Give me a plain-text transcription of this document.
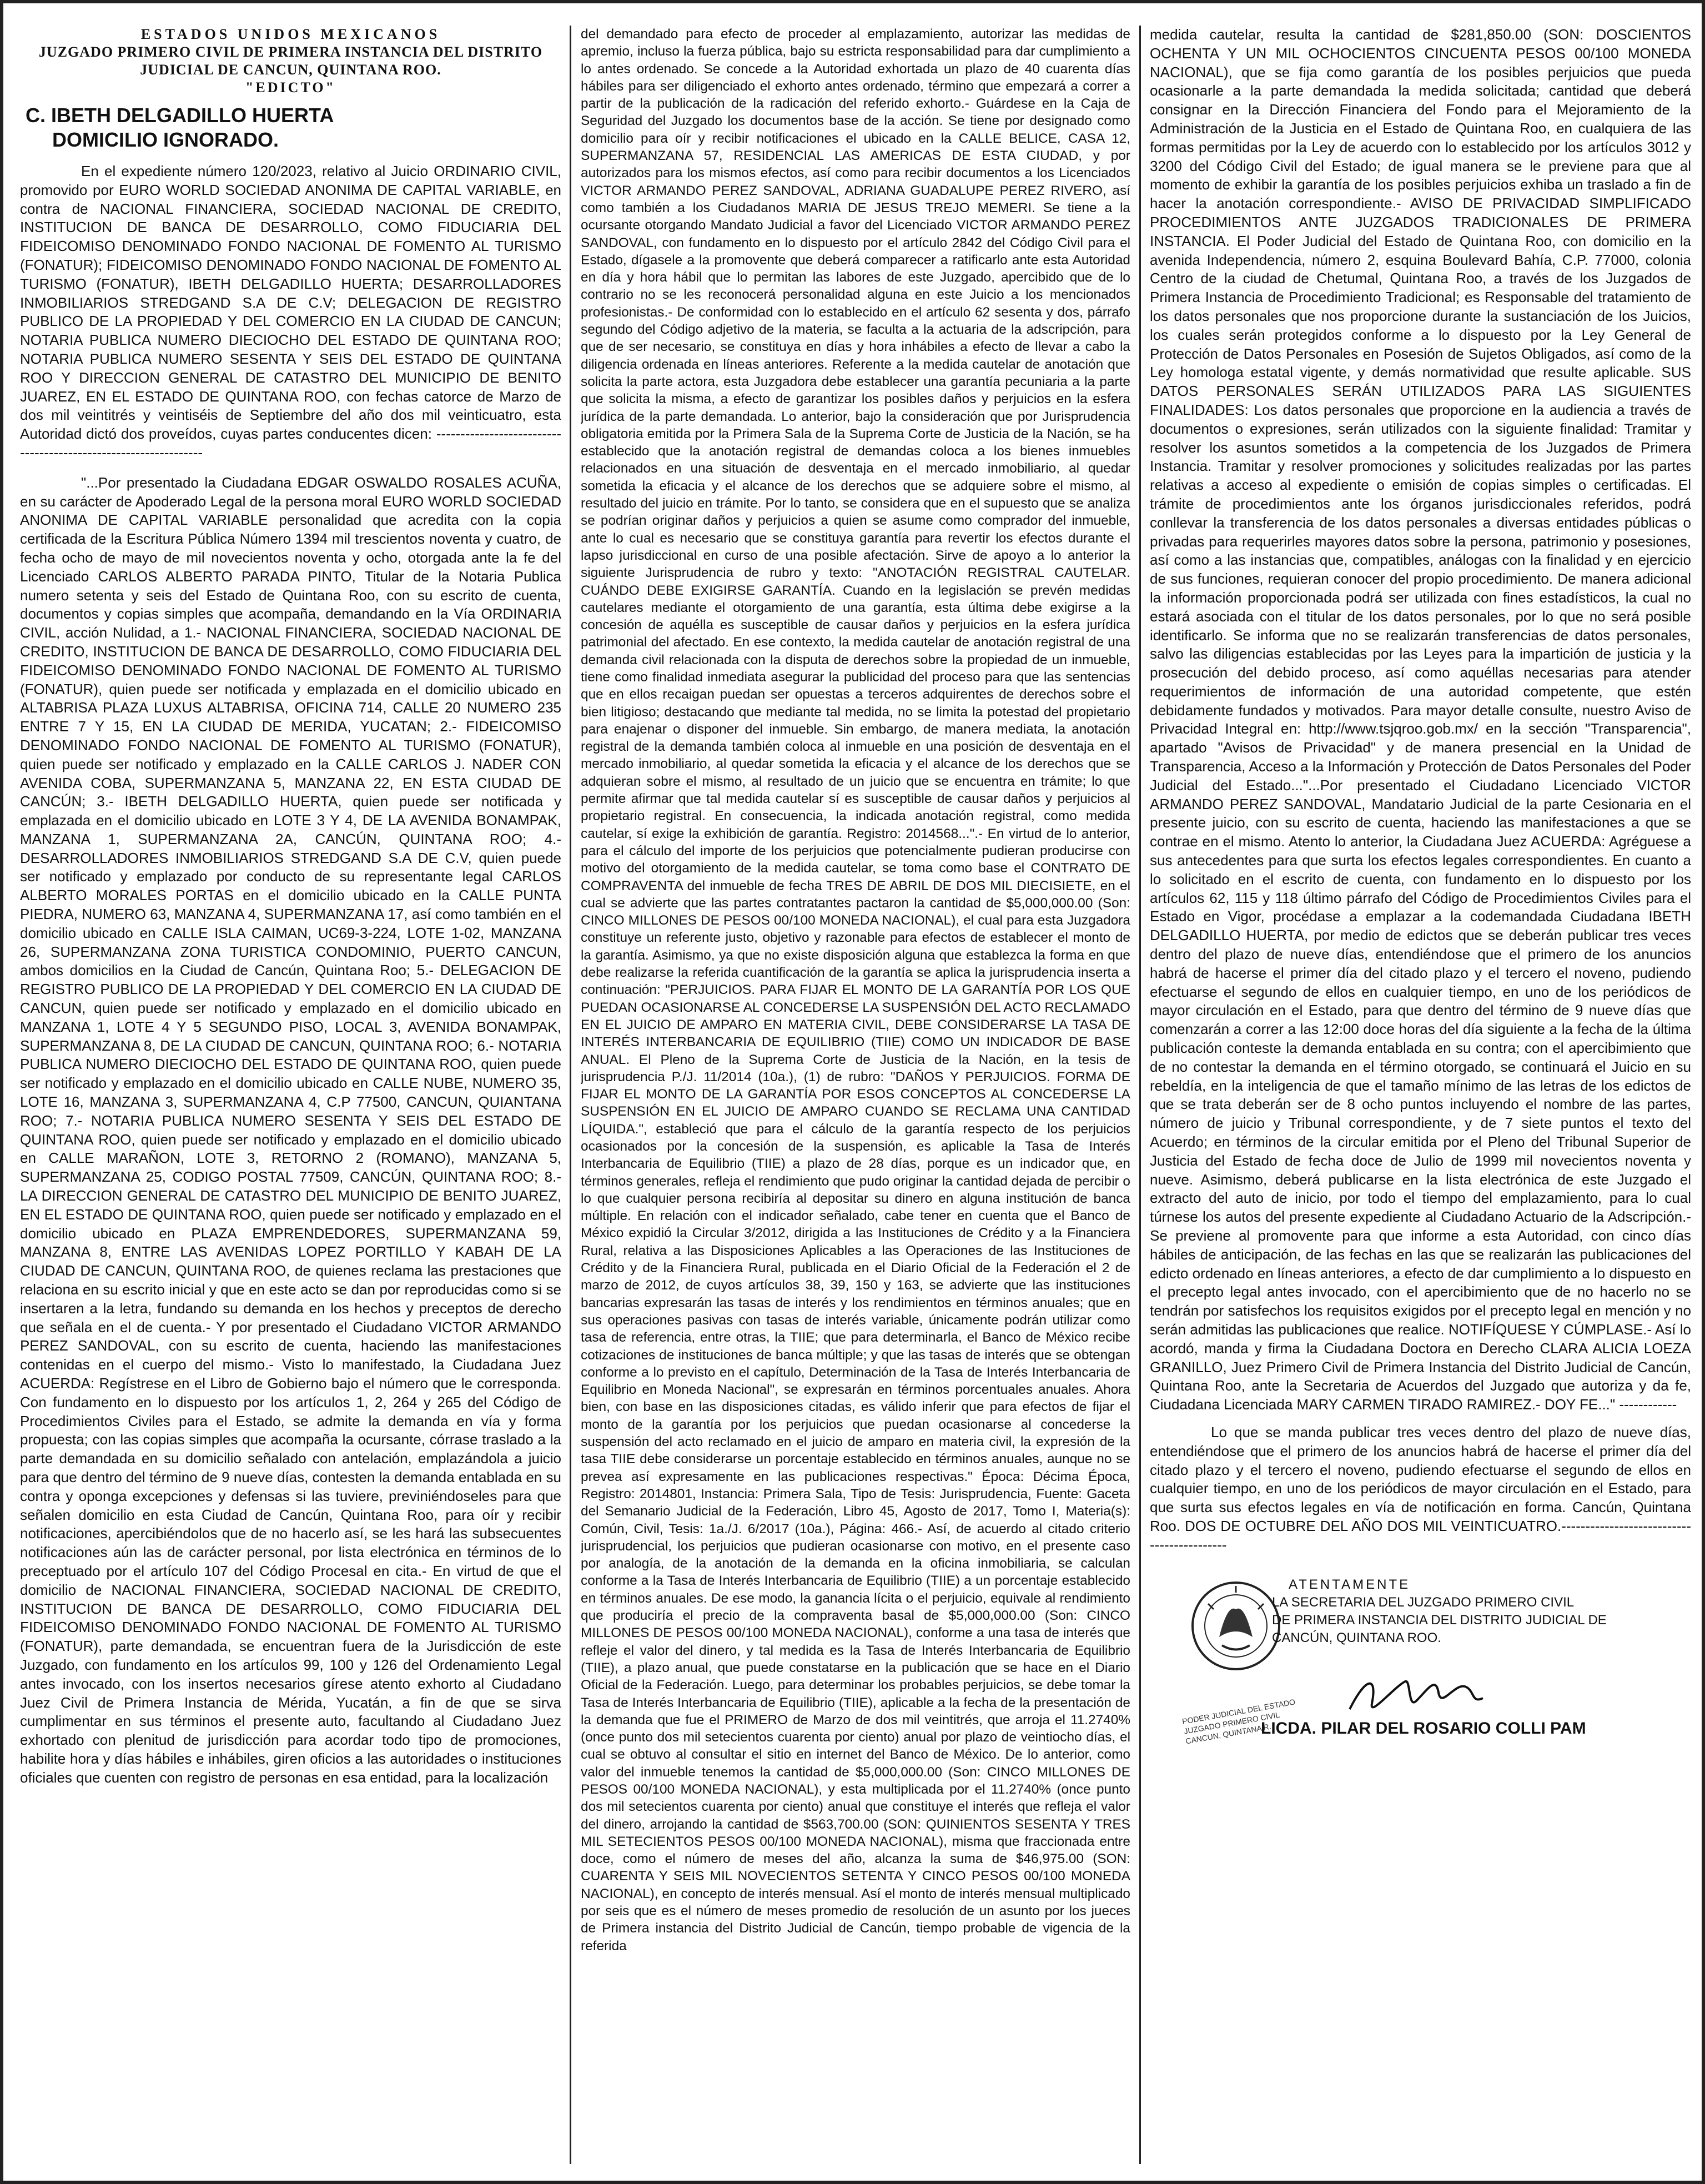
ESTADOS UNIDOS MEXICANOS
JUZGADO PRIMERO CIVIL DE PRIMERA INSTANCIA DEL DISTRITO
JUDICIAL DE CANCUN, QUINTANA ROO.
"EDICTO"
C. IBETH DELGADILLO HUERTA
DOMICILIO IGNORADO.

En el expediente número 120/2023, relativo al Juicio ORDINARIO CIVIL, promovido por EURO WORLD SOCIEDAD ANONIMA DE CAPITAL VARIABLE, en contra de NACIONAL FINANCIERA, SOCIEDAD NACIONAL DE CREDITO, INSTITUCION DE BANCA DE DESARROLLO, COMO FIDUCIARIA DEL FIDEICOMISO DENOMINADO FONDO NACIONAL DE FOMENTO AL TURISMO (FONATUR); FIDEICOMISO DENOMINADO FONDO NACIONAL DE FOMENTO AL TURISMO (FONATUR), IBETH DELGADILLO HUERTA; DESARROLLADORES INMOBILIARIOS STREDGAND S.A DE C.V; DELEGACION DE REGISTRO PUBLICO DE LA PROPIEDAD Y DEL COMERCIO EN LA CIUDAD DE CANCUN; NOTARIA PUBLICA NUMERO DIECIOCHO DEL ESTADO DE QUINTANA ROO; NOTARIA PUBLICA NUMERO SESENTA Y SEIS DEL ESTADO DE QUINTANA ROO Y DIRECCION GENERAL DE CATASTRO DEL MUNICIPIO DE BENITO JUAREZ, EN EL ESTADO DE QUINTANA ROO, con fechas catorce de Marzo de dos mil veintitrés y veintiséis de Septiembre del año dos mil veinticuatro, esta Autoridad dictó dos proveídos, cuyas partes conducentes dicen: ----------------------------------------------------------------

"...Por presentado la Ciudadana EDGAR OSWALDO ROSALES ACUÑA, en su carácter de Apoderado Legal de la persona moral EURO WORLD SOCIEDAD ANONIMA DE CAPITAL VARIABLE personalidad que acredita con la copia certificada de la Escritura Pública Número 1394 mil trescientos noventa y cuatro, de fecha ocho de mayo de mil novecientos noventa y ocho, otorgada ante la fe del Licenciado CARLOS ALBERTO PARADA PINTO, Titular de la Notaria Publica numero setenta y seis del Estado de Quintana Roo, con su escrito de cuenta, documentos y copias simples que acompaña, demandando en la Vía ORDINARIA CIVIL, acción Nulidad, a 1.- NACIONAL FINANCIERA, SOCIEDAD NACIONAL DE CREDITO, INSTITUCION DE BANCA DE DESARROLLO, COMO FIDUCIARIA DEL FIDEICOMISO DENOMINADO FONDO NACIONAL DE FOMENTO AL TURISMO (FONATUR), quien puede ser notificada y emplazada en el domicilio ubicado en ALTABRISA PLAZA LUXUS ALTABRISA, OFICINA 714, CALLE 20 NUMERO 235 ENTRE 7 Y 15, EN LA CIUDAD DE MERIDA, YUCATAN; 2.- FIDEICOMISO DENOMINADO FONDO NACIONAL DE FOMENTO AL TURISMO (FONATUR), quien puede ser notificado y emplazado en la CALLE CARLOS J. NADER CON AVENIDA COBA, SUPERMANZANA 5, MANZANA 22, EN ESTA CIUDAD DE CANCÚN; 3.- IBETH DELGADILLO HUERTA, quien puede ser notificada y emplazada en el domicilio ubicado en LOTE 3 Y 4, DE LA AVENIDA BONAMPAK, MANZANA 1, SUPERMANZANA 2A, CANCÚN, QUINTANA ROO; 4.- DESARROLLADORES INMOBILIARIOS STREDGAND S.A DE C.V, quien puede ser notificado y emplazado por conducto de su representante legal CARLOS ALBERTO MORALES PORTAS en el domicilio ubicado en la CALLE PUNTA PIEDRA, NUMERO 63, MANZANA 4, SUPERMANZANA 17, así como también en el domicilio ubicado en CALLE ISLA CAIMAN, UC69-3-224, LOTE 1-02, MANZANA 26, SUPERMANZANA ZONA TURISTICA CONDOMINIO, PUERTO CANCUN, ambos domicilios en la Ciudad de Cancún, Quintana Roo; 5.- DELEGACION DE REGISTRO PUBLICO DE LA PROPIEDAD Y DEL COMERCIO EN LA CIUDAD DE CANCUN, quien puede ser notificado y emplazado en el domicilio ubicado en MANZANA 1, LOTE 4 Y 5 SEGUNDO PISO, LOCAL 3, AVENIDA BONAMPAK, SUPERMANZANA 8, DE LA CIUDAD DE CANCUN, QUINTANA ROO; 6.- NOTARIA PUBLICA NUMERO DIECIOCHO DEL ESTADO DE QUINTANA ROO, quien puede ser notificado y emplazado en el domicilio ubicado en CALLE NUBE, NUMERO 35, LOTE 16, MANZANA 3, SUPERMANZANA 4, C.P 77500, CANCUN, QUIANTANA ROO; 7.- NOTARIA PUBLICA NUMERO SESENTA Y SEIS DEL ESTADO DE QUINTANA ROO, quien puede ser notificado y emplazado en el domicilio ubicado en CALLE MARAÑON, LOTE 3, RETORNO 2 (ROMANO), MANZANA 5, SUPERMANZANA 25, CODIGO POSTAL 77509, CANCÚN, QUINTANA ROO; 8.- LA DIRECCION GENERAL DE CATASTRO DEL MUNICIPIO DE BENITO JUAREZ, EN EL ESTADO DE QUINTANA ROO, quien puede ser notificado y emplazado en el domicilio ubicado en PLAZA EMPRENDEDORES, SUPERMANZANA 59, MANZANA 8, ENTRE LAS AVENIDAS LOPEZ PORTILLO Y KABAH DE LA CIUDAD DE CANCUN, QUINTANA ROO, de quienes reclama las prestaciones que relaciona en su escrito inicial y que en este acto se dan por reproducidas como si se insertaren a la letra, fundando su demanda en los hechos y preceptos de derecho que señala en el de cuenta.- Y por presentado el Ciudadano VICTOR ARMANDO PEREZ SANDOVAL, con su escrito de cuenta, haciendo las manifestaciones contenidas en el cuerpo del mismo.- Visto lo manifestado, la Ciudadana Juez ACUERDA: Regístrese en el Libro de Gobierno bajo el número que le corresponda. Con fundamento en lo dispuesto por los artículos 1, 2, 264 y 265 del Código de Procedimientos Civiles para el Estado, se admite la demanda en vía y forma propuesta; con las copias simples que acompaña la ocursante, córrase traslado a la parte demandada en su domicilio señalado con antelación, emplazándola a juicio para que dentro del término de 9 nueve días, contesten la demanda entablada en su contra y oponga excepciones y defensas si las tuviere, previniéndoseles para que señalen domicilio en esta Ciudad de Cancún, Quintana Roo, para oír y recibir notificaciones, apercibiéndolos que de no hacerlo así, se les hará las subsecuentes notificaciones aún las de carácter personal, por lista electrónica en términos de lo preceptuado por el artículo 107 del Código Procesal en cita.- En virtud de que el domicilio de NACIONAL FINANCIERA, SOCIEDAD NACIONAL DE CREDITO, INSTITUCION DE BANCA DE DESARROLLO, COMO FIDUCIARIA DEL FIDEICOMISO DENOMINADO FONDO NACIONAL DE FOMENTO AL TURISMO (FONATUR), parte demandada, se encuentran fuera de la Jurisdicción de este Juzgado, con fundamento en los artículos 99, 100 y 126 del Ordenamiento Legal antes invocado, con los insertos necesarios gírese atento exhorto al Ciudadano Juez Civil de Primera Instancia de Mérida, Yucatán, a fin de que se sirva cumplimentar en sus términos el presente auto, facultando al Ciudadano Juez exhortado con plenitud de jurisdicción para acordar todo tipo de promociones, habilite hora y días hábiles e inhábiles, giren oficios a las autoridades o instituciones oficiales que cuenten con registro de personas en esa entidad, para la localización

del demandado para efecto de proceder al emplazamiento, autorizar las medidas de apremio, incluso la fuerza pública, bajo su estricta responsabilidad para dar cumplimiento a lo antes ordenado. Se concede a la Autoridad exhortada un plazo de 40 cuarenta días hábiles para ser diligenciado el exhorto antes ordenado, término que empezará a correr a partir de la publicación de la radicación del referido exhorto.- Guárdese en la Caja de Seguridad del Juzgado los documentos base de la acción. Se tiene por designado como domicilio para oír y recibir notificaciones el ubicado en la CALLE BELICE, CASA 12, SUPERMANZANA 57, RESIDENCIAL LAS AMERICAS DE ESTA CIUDAD, y por autorizados para los mismos efectos, así como para recibir documentos a los Licenciados VICTOR ARMANDO PEREZ SANDOVAL, ADRIANA GUADALUPE PEREZ RIVERO, así como también a los Ciudadanos MARIA DE JESUS TREJO MEMERI. Se tiene a la ocursante otorgando Mandato Judicial a favor del Licenciado VICTOR ARMANDO PEREZ SANDOVAL, con fundamento en lo dispuesto por el artículo 2842 del Código Civil para el Estado, dígasele a la promovente que deberá comparecer a ratificarlo ante esta Autoridad en día y hora hábil que lo permitan las labores de este Juzgado, apercibido que de lo contrario no se les reconocerá personalidad alguna en este Juicio a los mencionados profesionistas.- De conformidad con lo establecido en el artículo 62 sesenta y dos, párrafo segundo del Código adjetivo de la materia, se faculta a la actuaria de la adscripción, para que de ser necesario, se constituya en días y hora inhábiles a efecto de llevar a cabo la diligencia ordenada en líneas anteriores. Referente a la medida cautelar de anotación que solicita la parte actora, esta Juzgadora debe establecer una garantía pecuniaria a la parte que solicita la misma, a efecto de garantizar los posibles daños y perjuicios en la esfera jurídica de la parte demandada. Lo anterior, bajo la consideración que por Jurisprudencia obligatoria emitida por la Primera Sala de la Suprema Corte de Justicia de la Nación, se ha establecido que la anotación registral de demandas coloca a los bienes inmuebles relacionados en una situación de desventaja en el mercado inmobiliario, al quedar sometida la eficacia y el alcance de los derechos que se adquiere sobre el mismo, al resultado del juicio en trámite. Por lo tanto, se considera que en el supuesto que se analiza se podrían originar daños y perjuicios a quien se asume como comprador del inmueble, ante lo cual es necesario que se constituya garantía para revertir los efectos durante el lapso jurisdiccional en curso de una posible afectación. Sirve de apoyo a lo anterior la siguiente Jurisprudencia de rubro y texto: "ANOTACIÓN REGISTRAL CAUTELAR. CUÁNDO DEBE EXIGIRSE GARANTÍA. Cuando en la legislación se prevén medidas cautelares mediante el otorgamiento de una garantía, esta última debe exigirse a la concesión de aquélla es susceptible de causar daños y perjuicios en la esfera jurídica patrimonial del afectado. En ese contexto, la medida cautelar de anotación registral de una demanda civil relacionada con la disputa de derechos sobre la propiedad de un inmueble, tiene como finalidad inmediata asegurar la publicidad del proceso para que las sentencias que en ellos recaigan puedan ser opuestas a terceros adquirentes de derechos sobre el bien litigioso; destacando que mediante tal medida, no se limita la potestad del propietario para enajenar o disponer del inmueble. Sin embargo, de manera mediata, la anotación registral de la demanda también coloca al inmueble en una posición de desventaja en el mercado inmobiliario, al quedar sometida la eficacia y el alcance de los derechos que se adquieran sobre el mismo, al resultado de un juicio que se encuentra en trámite; lo que permite afirmar que tal medida cautelar sí es susceptible de causar daños y perjuicios al propietario registral. En consecuencia, la indicada anotación registral, como medida cautelar, sí exige la exhibición de garantía. Registro: 2014568...".- En virtud de lo anterior, para el cálculo del importe de los perjuicios que potencialmente pudieran producirse con motivo del otorgamiento de la medida cautelar, se toma como base el CONTRATO DE COMPRAVENTA del inmueble de fecha TRES DE ABRIL DE DOS MIL DIECISIETE, en el cual se advierte que las partes contratantes pactaron la cantidad de $5,000,000.00 (Son: CINCO MILLONES DE PESOS 00/100 MONEDA NACIONAL), el cual para esta Juzgadora constituye un referente justo, objetivo y razonable para efectos de establecer el monto de la garantía. Asimismo, ya que no existe disposición alguna que establezca la forma en que debe realizarse la referida cuantificación de la garantía se aplica la jurisprudencia inserta a continuación: "PERJUICIOS. PARA FIJAR EL MONTO DE LA GARANTÍA POR LOS QUE PUEDAN OCASIONARSE AL CONCEDERSE LA SUSPENSIÓN DEL ACTO RECLAMADO EN EL JUICIO DE AMPARO EN MATERIA CIVIL, DEBE CONSIDERARSE LA TASA DE INTERÉS INTERBANCARIA DE EQUILIBRIO (TIIE) COMO UN INDICADOR DE BASE ANUAL. El Pleno de la Suprema Corte de Justicia de la Nación, en la tesis de jurisprudencia P./J. 11/2014 (10a.), (1) de rubro: "DAÑOS Y PERJUICIOS. FORMA DE FIJAR EL MONTO DE LA GARANTÍA POR ESOS CONCEPTOS AL CONCEDERSE LA SUSPENSIÓN EN EL JUICIO DE AMPARO CUANDO SE RECLAMA UNA CANTIDAD LÍQUIDA.", estableció que para el cálculo de la garantía respecto de los perjuicios ocasionados por la concesión de la suspensión, es aplicable la Tasa de Interés Interbancaria de Equilibrio (TIIE) a plazo de 28 días, porque es un indicador que, en términos generales, refleja el rendimiento que pudo originar la cantidad dejada de percibir o lo que cualquier persona recibiría al depositar su dinero en alguna institución de banca múltiple. En relación con el indicador señalado, cabe tener en cuenta que el Banco de México expidió la Circular 3/2012, dirigida a las Instituciones de Crédito y a la Financiera Rural, relativa a las Disposiciones Aplicables a las Operaciones de las Instituciones de Crédito y de la Financiera Rural, publicada en el Diario Oficial de la Federación el 2 de marzo de 2012, de cuyos artículos 38, 39, 150 y 163, se advierte que las instituciones bancarias expresarán las tasas de interés y los rendimientos en términos anuales; que en sus operaciones pasivas con tasas de interés variable, únicamente podrán utilizar como tasa de referencia, entre otras, la TIIE; que para determinarla, el Banco de México recibe cotizaciones de instituciones de banca múltiple; y que las tasas de interés que se obtengan conforme a lo previsto en el capítulo, Determinación de la Tasa de Interés Interbancaria de Equilibrio en Moneda Nacional", se expresarán en términos porcentuales anuales. Ahora bien, con base en las disposiciones citadas, es válido inferir que para efectos de fijar el monto de la garantía por los perjuicios que puedan ocasionarse al concederse la suspensión del acto reclamado en el juicio de amparo en materia civil, la expresión de la tasa TIIE debe considerarse un porcentaje establecido en términos anuales, aunque no se prevea así expresamente en las publicaciones respectivas." Época: Décima Época, Registro: 2014801, Instancia: Primera Sala, Tipo de Tesis: Jurisprudencia, Fuente: Gaceta del Semanario Judicial de la Federación, Libro 45, Agosto de 2017, Tomo I, Materia(s): Común, Civil, Tesis: 1a./J. 6/2017 (10a.), Página: 466.- Así, de acuerdo al citado criterio jurisprudencial, los perjuicios que pudieran ocasionarse con motivo, en el presente caso por analogía, de la anotación de la demanda en la oficina inmobiliaria, se calculan conforme a la Tasa de Interés Interbancaria de Equilibrio (TIIE) a un porcentaje establecido en términos anuales. De ese modo, la ganancia lícita o el perjuicio, equivale al rendimiento que produciría el precio de la compraventa basal de $5,000,000.00 (Son: CINCO MILLONES DE PESOS 00/100 MONEDA NACIONAL), conforme a una tasa de interés que refleje el valor del dinero, y tal medida es la Tasa de Interés Interbancaria de Equilibrio (TIIE), a plazo anual, que puede constatarse en la publicación que se hace en el Diario Oficial de la Federación. Luego, para determinar los probables perjuicios, se debe tomar la Tasa de Interés Interbancaria de Equilibrio (TIIE), aplicable a la fecha de la presentación de la demanda que fue el PRIMERO de Marzo de dos mil veintitrés, que arroja el 11.2740% (once punto dos mil setecientos cuarenta por ciento) anual por plazo de veintiocho días, el cual se obtuvo al consultar el sitio en internet del Banco de México. De lo anterior, como valor del inmueble tenemos la cantidad de $5,000,000.00 (Son: CINCO MILLONES DE PESOS 00/100 MONEDA NACIONAL), y esta multiplicada por el 11.2740% (once punto dos mil setecientos cuarenta por ciento) anual que constituye el interés que refleja el valor del dinero, arrojando la cantidad de $563,700.00 (SON: QUINIENTOS SESENTA Y TRES MIL SETECIENTOS PESOS 00/100 MONEDA NACIONAL), misma que fraccionada entre doce, como el número de meses del año, alcanza la suma de $46,975.00 (SON: CUARENTA Y SEIS MIL NOVECIENTOS SETENTA Y CINCO PESOS 00/100 MONEDA NACIONAL), en concepto de interés mensual. Así el monto de interés mensual multiplicado por seis que es el número de meses promedio de resolución de un asunto por los jueces de Primera instancia del Distrito Judicial de Cancún, tiempo probable de vigencia de la referida

medida cautelar, resulta la cantidad de $281,850.00 (SON: DOSCIENTOS OCHENTA Y UN MIL OCHOCIENTOS CINCUENTA PESOS 00/100 MONEDA NACIONAL), que se fija como garantía de los posibles perjuicios que pueda ocasionarle a la parte demandada la medida solicitada; cantidad que deberá consignar en la Dirección Financiera del Fondo para el Mejoramiento de la Administración de la Justicia en el Estado de Quintana Roo, en cualquiera de las formas permitidas por la Ley de acuerdo con lo establecido por los artículos 3012 y 3200 del Código Civil del Estado; de igual manera se le previene para que al momento de exhibir la garantía de los posibles perjuicios exhiba un traslado a fin de hacer la anotación correspondiente.- AVISO DE PRIVACIDAD SIMPLIFICADO PROCEDIMIENTOS ANTE JUZGADOS TRADICIONALES DE PRIMERA INSTANCIA. El Poder Judicial del Estado de Quintana Roo, con domicilio en la avenida Independencia, número 2, esquina Boulevard Bahía, C.P. 77000, colonia Centro de la ciudad de Chetumal, Quintana Roo, a través de los Juzgados de Primera Instancia de Procedimiento Tradicional; es Responsable del tratamiento de los datos personales que nos proporcione durante la sustanciación de los Juicios, los cuales serán protegidos conforme a lo dispuesto por la Ley General de Protección de Datos Personales en Posesión de Sujetos Obligados, así como de la Ley homologa estatal vigente, y demás normatividad que resulte aplicable. SUS DATOS PERSONALES SERÁN UTILIZADOS PARA LAS SIGUIENTES FINALIDADES: Los datos personales que proporcione en la audiencia a través de documentos o expresiones, serán utilizados con la siguiente finalidad: Tramitar y resolver los asuntos sometidos a la competencia de los Juzgados de Primera Instancia. Tramitar y resolver promociones y solicitudes realizadas por las partes relativas a acceso al expediente o emisión de copias simples o certificadas. El trámite de procedimientos ante los órganos jurisdiccionales referidos, podrá conllevar la transferencia de los datos personales a diversas entidades públicas o privadas para requerirles mayores datos sobre la persona, patrimonio y posesiones, así como a las instancias que, compatibles, análogas con la finalidad y en ejercicio de sus funciones, requieran conocer del propio procedimiento. De manera adicional la información proporcionada podrá ser utilizada con fines estadísticos, la cual no estará asociada con el titular de los datos personales, por lo que no será posible identificarlo. Se informa que no se realizarán transferencias de datos personales, salvo las diligencias establecidas por las Leyes para la impartición de justicia y la prosecución del debido proceso, así como aquéllas necesarias para atender requerimientos de información de una autoridad competente, que estén debidamente fundados y motivados. Para mayor detalle consulte, nuestro Aviso de Privacidad Integral en: http://www.tsjqroo.gob.mx/ en la sección "Transparencia", apartado "Avisos de Privacidad" y de manera presencial en la Unidad de Transparencia, Acceso a la Información y Protección de Datos Personales del Poder Judicial del Estado..."...Por presentado el Ciudadano Licenciado VICTOR ARMANDO PEREZ SANDOVAL, Mandatario Judicial de la parte Cesionaria en el presente juicio, con su escrito de cuenta, haciendo las manifestaciones a que se contrae en el mismo. Atento lo anterior, la Ciudadana Juez ACUERDA: Agréguese a sus antecedentes para que surta los efectos legales correspondientes. En cuanto a lo solicitado en el escrito de cuenta, con fundamento en lo dispuesto por los artículos 62, 115 y 118 último párrafo del Código de Procedimientos Civiles para el Estado en Vigor, procédase a emplazar a la codemandada Ciudadana IBETH DELGADILLO HUERTA, por medio de edictos que se deberán publicar tres veces dentro del plazo de nueve días, entendiéndose que el primero de los anuncios habrá de hacerse el primer día del citado plazo y el tercero el noveno, pudiendo efectuarse el segundo de ellos en cualquier tiempo, en uno de los periódicos de mayor circulación en el Estado, para que dentro del término de 9 nueve días que comenzarán a correr a las 12:00 doce horas del día siguiente a la fecha de la última publicación conteste la demanda entablada en su contra; con el apercibimiento que de no contestar la demanda en el término otorgado, se continuará el Juicio en su rebeldía, en la inteligencia de que el tamaño mínimo de las letras de los edictos de que se trata deberán ser de 8 ocho puntos incluyendo el nombre de las partes, número de juicio y Tribunal correspondiente, y de 7 siete puntos el texto del Acuerdo; en términos de la circular emitida por el Pleno del Tribunal Superior de Justicia del Estado de fecha doce de Julio de 1999 mil novecientos noventa y nueve. Asimismo, deberá publicarse en la lista electrónica de este Juzgado el extracto del auto de inicio, por todo el tiempo del emplazamiento, para lo cual túrnese los autos del presente expediente al Ciudadano Actuario de la Adscripción.- Se previene al promovente para que informe a esta Autoridad, con cinco días hábiles de anticipación, de las fechas en las que se realizarán las publicaciones del edicto ordenado en líneas anteriores, a efecto de dar cumplimiento a lo dispuesto en el precepto legal antes invocado, con el apercibimiento que de no hacerlo no se tendrán por satisfechos los requisitos exigidos por el precepto legal en mención y no serán admitidas las publicaciones que realice. NOTIFÍQUESE Y CÚMPLASE.- Así lo acordó, manda y firma la Ciudadana Doctora en Derecho CLARA ALICIA LOEZA GRANILLO, Juez Primero Civil de Primera Instancia del Distrito Judicial de Cancún, Quintana Roo, ante la Secretaria de Acuerdos del Juzgado que autoriza y da fe, Ciudadana Licenciada MARY CARMEN TIRADO RAMIREZ.- DOY FE..." ------------

Lo que se manda publicar tres veces dentro del plazo de nueve días, entendiéndose que el primero de los anuncios habrá de hacerse el primer día del citado plazo y el tercero el noveno, pudiendo efectuarse el segundo de ellos en cualquier tiempo, en uno de los periódicos de mayor circulación en el Estado, para que surta sus efectos legales en vía de notificación en forma. Cancún, Quintana Roo. DOS DE OCTUBRE DEL AÑO DOS MIL VEINTICUATRO.-------------------------------------------

ATENTAMENTE
LA SECRETARIA DEL JUZGADO PRIMERO CIVIL
DE PRIMERA INSTANCIA DEL DISTRITO JUDICIAL DE
CANCÚN, QUINTANA ROO.
PODER JUDICIAL DEL ESTADO
JUZGADO PRIMERO CIVIL
CANCUN, QUINTANA R.
LICDA. PILAR DEL ROSARIO COLLI PAM
